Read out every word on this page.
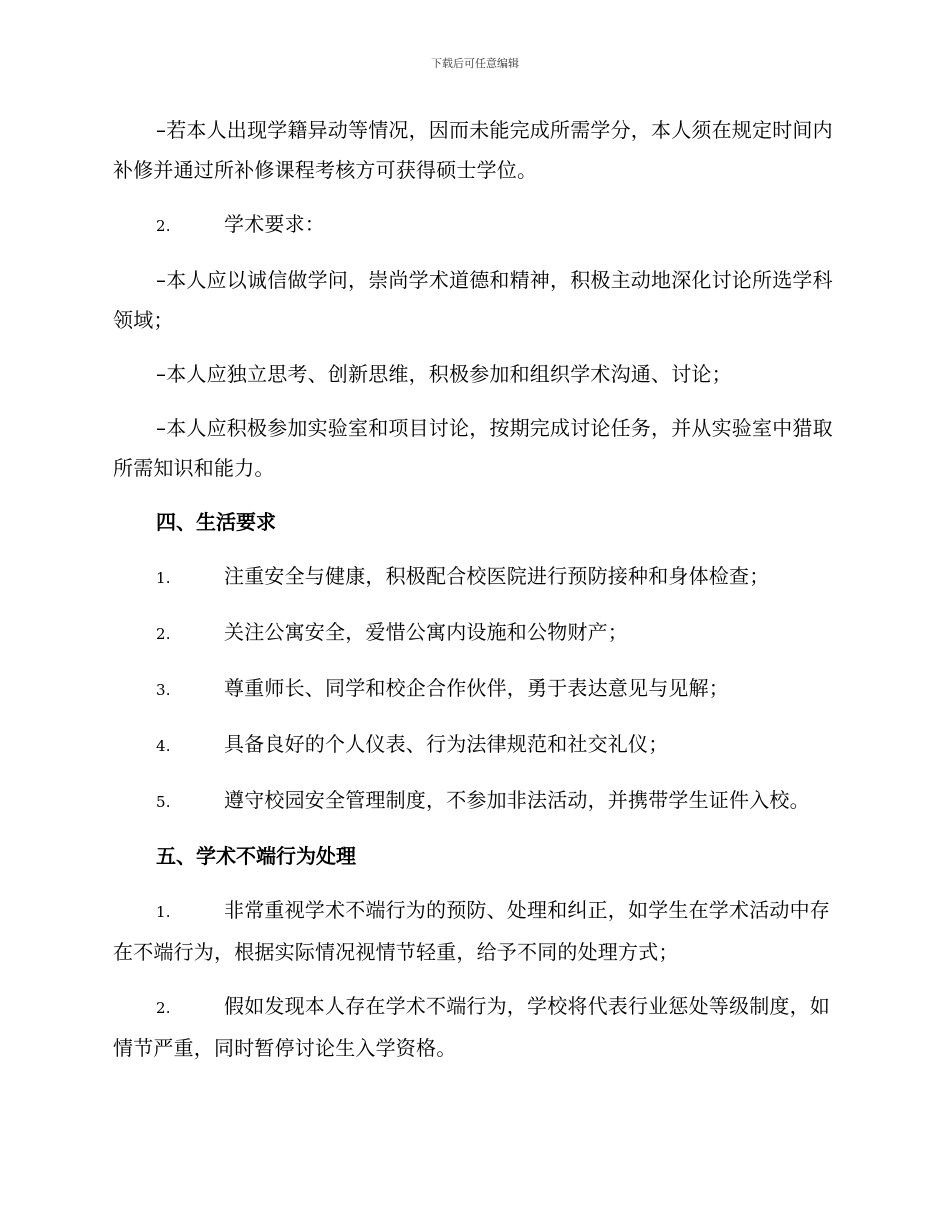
下载后可任意编辑

–若本人出现学籍异动等情况，因而未能完成所需学分，本人须在规定时间内补修并通过所补修课程考核方可获得硕士学位。

2.	学术要求：

–本人应以诚信做学问，崇尚学术道德和精神，积极主动地深化讨论所选学科领域；

–本人应独立思考、创新思维，积极参加和组织学术沟通、讨论；

–本人应积极参加实验室和项目讨论，按期完成讨论任务，并从实验室中猎取所需知识和能力。

四、生活要求
1.	注重安全与健康，积极配合校医院进行预防接种和身体检查；
2.	关注公寓安全，爱惜公寓内设施和公物财产；
3.	尊重师长、同学和校企合作伙伴，勇于表达意见与见解；
4.	具备良好的个人仪表、行为法律规范和社交礼仪；
5.	遵守校园安全管理制度，不参加非法活动，并携带学生证件入校。
五、学术不端行为处理
1.	非常重视学术不端行为的预防、处理和纠正，如学生在学术活动中存在不端行为，根据实际情况视情节轻重，给予不同的处理方式；
2.	假如发现本人存在学术不端行为，学校将代表行业惩处等级制度，如情节严重，同时暂停讨论生入学资格。
